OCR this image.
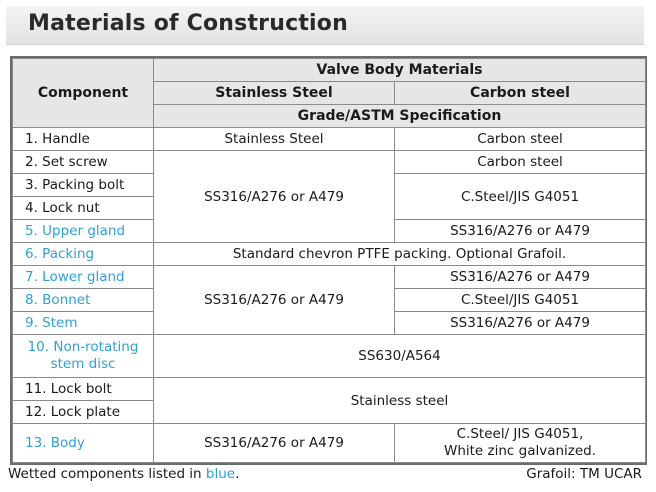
Materials of Construction
Component	Valve Body Materials	
	Stainless Steel	Carbon steel
	Grade/ASTM Specification	
1. Handle	Stainless Steel	Carbon steel
2. Set screw	SS316/A276 or A479	Carbon steel
3. Packing bolt		C.Steel/JIS G4051
4. Lock nut		
5. Upper gland		SS316/A276 or A479
6. Packing	Standard chevron PTFE packing. Optional Grafoil.	
7. Lower gland	SS316/A276 or A479	SS316/A276 or A479
8. Bonnet		C.Steel/JIS G4051
9. Stem		SS316/A276 or A479

10. Non-rotating
stem disc	SS630/A564	
11. Lock bolt	Stainless steel	
12. Lock plate		
13. Body	SS316/A276 or A479	C.Steel/ JIS G4051,
White zinc galvanized.
Wetted components listed in blue.	Grafoil: TM UCAR
